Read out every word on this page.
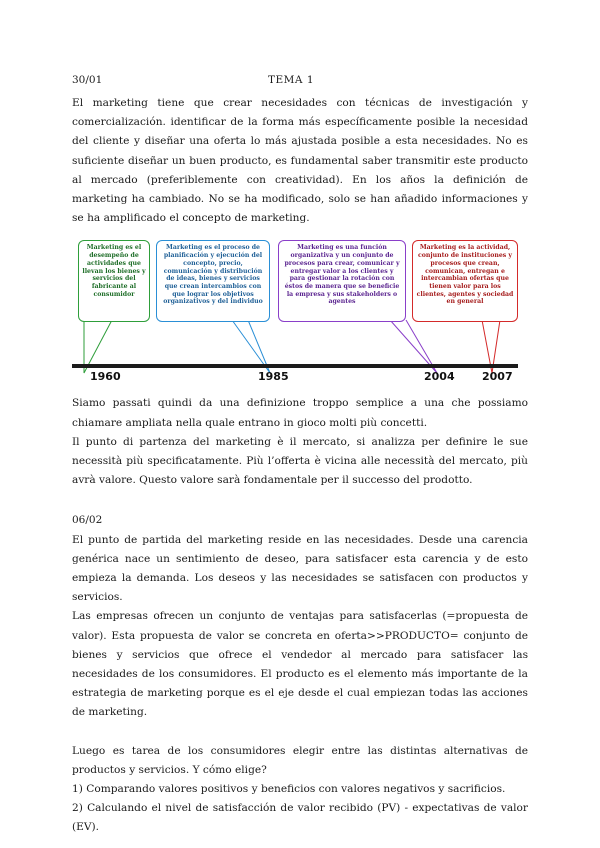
30/01	TEMA 1

El marketing tiene que crear necesidades con técnicas de investigación y comercialización. identificar de la forma más específicamente posible la necesidad del cliente y diseñar una oferta lo más ajustada posible a esta necesidades. No es suficiente diseñar un buen producto, es fundamental saber transmitir este producto al mercado (preferiblemente con creatividad). En los años la definición de marketing ha cambiado. No se ha modificado, solo se han añadido informaciones y se ha amplificado el concepto de marketing.

Marketing es el desempeño de actividades que llevan los bienes y servicios del fabricante al consumidor
Marketing es el proceso de planificación y ejecución del concepto, precio, comunicación y distribución de ideas, bienes y servicios que crean intercambios con que lograr los objetivos organizativos y del individuo
Marketing es una función organizativa y un conjunto de procesos para crear, comunicar y entregar valor a los clientes y para gestionar la rotación con éstos de manera que se beneficie la empresa y sus stakeholders o agentes
Marketing es la actividad, conjunto de instituciones y procesos que crean, comunican, entregan e intercambian ofertas que tienen valor para los clientes, agentes y sociedad en general
1960	1985	2004 2007

Siamo passati quindi da una definizione troppo semplice a una che possiamo chiamare ampliata nella quale entrano in gioco molti più concetti.

Il punto di partenza del marketing è il mercato, si analizza per definire le sue necessità più specificatamente. Più l’offerta è vicina alle necessità del mercato, più avrà valore. Questo valore sarà fondamentale per il successo del prodotto.

06/02

El punto de partida del marketing reside en las necesidades. Desde una carencia genérica nace un sentimiento de deseo, para satisfacer esta carencia y de esto empieza la demanda. Los deseos y las necesidades se satisfacen con productos y servicios.

Las empresas ofrecen un conjunto de ventajas para satisfacerlas (=propuesta de valor). Esta propuesta de valor se concreta en oferta>>PRODUCTO= conjunto de bienes y servicios que ofrece el vendedor al mercado para satisfacer las necesidades de los consumidores. El producto es el elemento más importante de la estrategia de marketing porque es el eje desde el cual empiezan todas las acciones de marketing.

Luego es tarea de los consumidores elegir entre las distintas alternativas de productos y servicios. Y cómo elige?

1) Comparando valores positivos y beneficios con valores negativos y sacrificios.

2) Calculando el nivel de satisfacción de valor recibido (PV) - expectativas de valor (EV).
